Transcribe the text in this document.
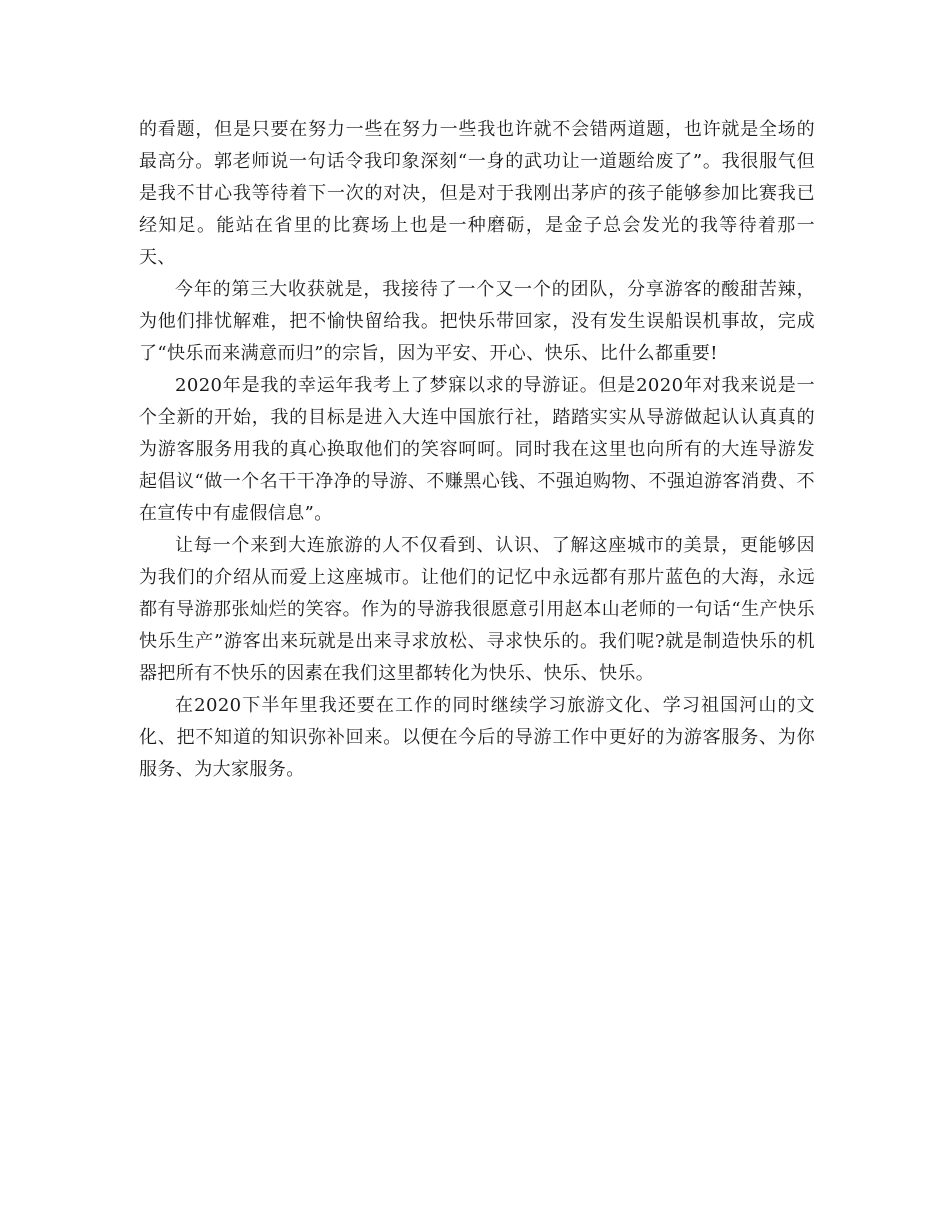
的看题，但是只要在努力一些在努力一些我也许就不会错两道题，也许就是全场的最高分。郭老师说一句话令我印象深刻“一身的武功让一道题给废了”。我很服气但是我不甘心我等待着下一次的对决，但是对于我刚出茅庐的孩子能够参加比赛我已经知足。能站在省里的比赛场上也是一种磨砺，是金子总会发光的我等待着那一天、

今年的第三大收获就是，我接待了一个又一个的团队，分享游客的酸甜苦辣，为他们排忧解难，把不愉快留给我。把快乐带回家，没有发生误船误机事故，完成了“快乐而来满意而归”的宗旨，因为平安、开心、快乐、比什么都重要!

2020年是我的幸运年我考上了梦寐以求的导游证。但是2020年对我来说是一个全新的开始，我的目标是进入大连中国旅行社，踏踏实实从导游做起认认真真的为游客服务用我的真心换取他们的笑容呵呵。同时我在这里也向所有的大连导游发起倡议“做一个名干干净净的导游、不赚黑心钱、不强迫购物、不强迫游客消费、不在宣传中有虚假信息”。

让每一个来到大连旅游的人不仅看到、认识、了解这座城市的美景，更能够因为我们的介绍从而爱上这座城市。让他们的记忆中永远都有那片蓝色的大海，永远都有导游那张灿烂的笑容。作为的导游我很愿意引用赵本山老师的一句话“生产快乐快乐生产”游客出来玩就是出来寻求放松、寻求快乐的。我们呢?就是制造快乐的机器把所有不快乐的因素在我们这里都转化为快乐、快乐、快乐。

在2020下半年里我还要在工作的同时继续学习旅游文化、学习祖国河山的文化、把不知道的知识弥补回来。以便在今后的导游工作中更好的为游客服务、为你服务、为大家服务。
